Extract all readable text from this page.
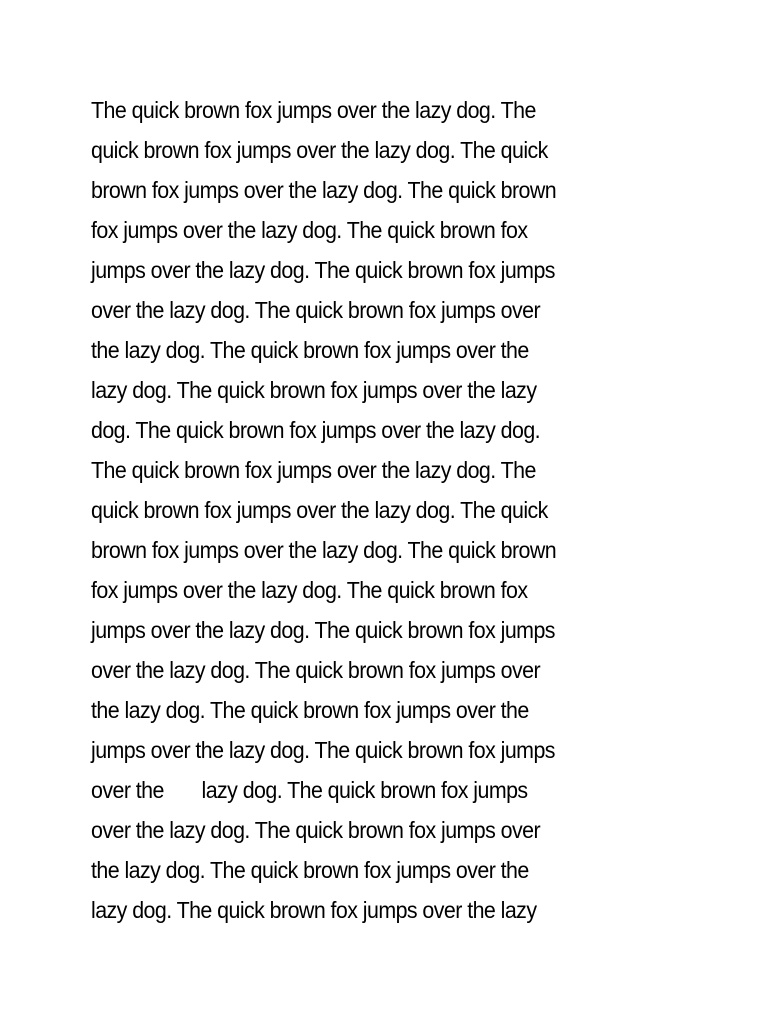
The quick brown fox jumps over the lazy dog. The
quick brown fox jumps over the lazy dog. The quick
brown fox jumps over the lazy dog. The quick brown
fox jumps over the lazy dog. The quick brown fox
jumps over the lazy dog. The quick brown fox jumps
over the lazy dog. The quick brown fox jumps over
the lazy dog. The quick brown fox jumps over the
lazy dog. The quick brown fox jumps over the lazy
dog. The quick brown fox jumps over the lazy dog.
The quick brown fox jumps over the lazy dog. The
quick brown fox jumps over the lazy dog. The quick
brown fox jumps over the lazy dog. The quick brown
fox jumps over the lazy dog. The quick brown fox
jumps over the lazy dog. The quick brown fox jumps
over the lazy dog. The quick brown fox jumps over
the lazy dog. The quick brown fox jumps over the
jumps over the lazy dog. The quick brown fox jumps
over the       lazy dog. The quick brown fox jumps
over the lazy dog. The quick brown fox jumps over
the lazy dog. The quick brown fox jumps over the
lazy dog. The quick brown fox jumps over the lazy
